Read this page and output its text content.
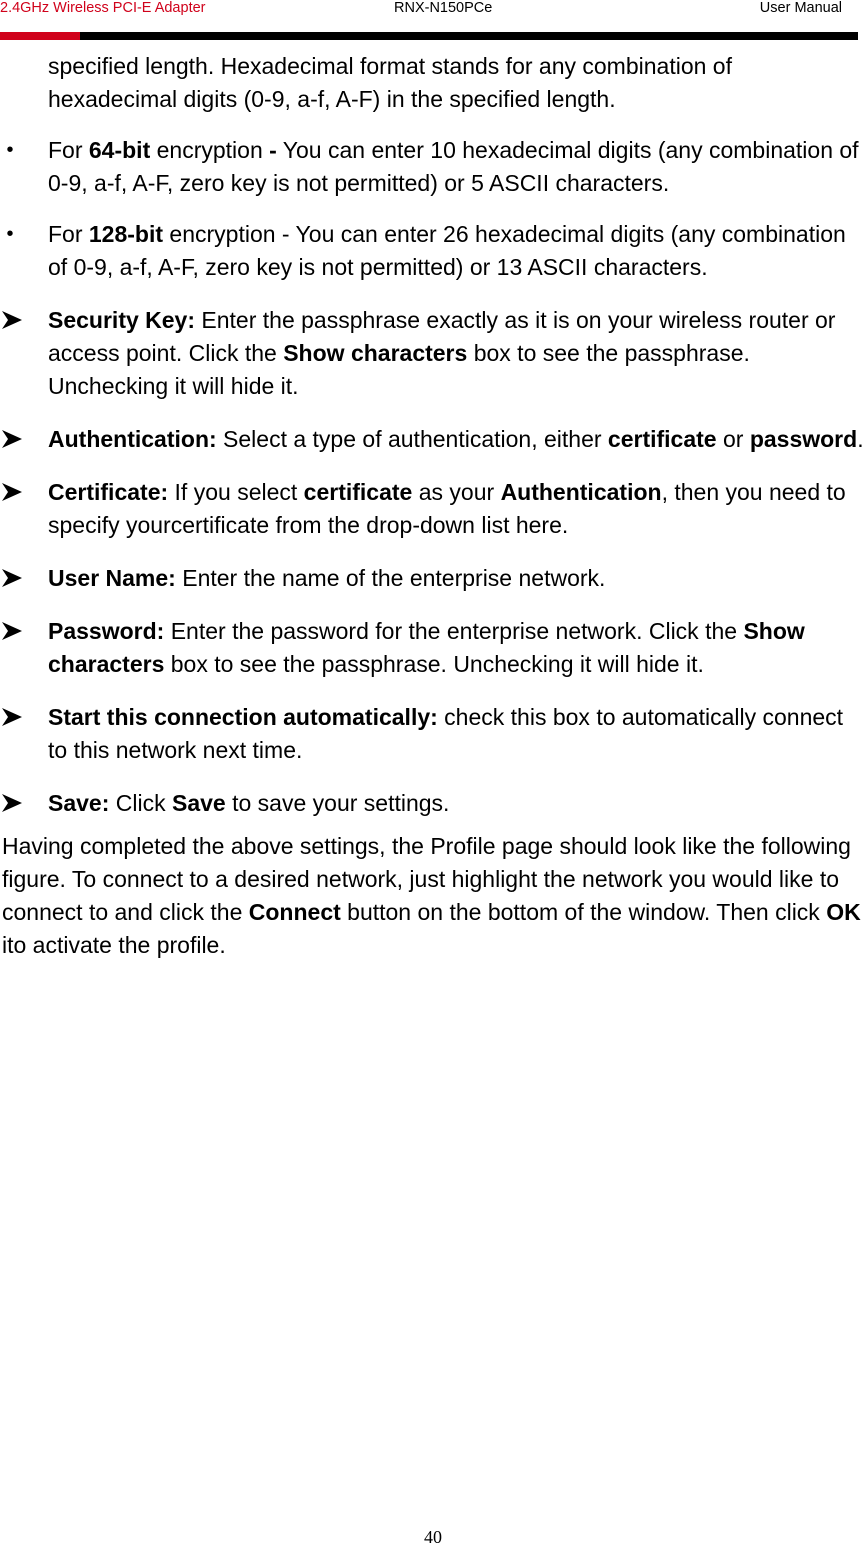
2.4GHz Wireless PCI-E Adapter	RNX-N150PCe	User Manual

specified length. Hexadecimal format stands for any combination of hexadecimal digits (0-9, a-f, A-F) in the specified length.

• For 64-bit encryption - You can enter 10 hexadecimal digits (any combination of 0-9, a-f, A-F, zero key is not permitted) or 5 ASCII characters.
• For 128-bit encryption - You can enter 26 hexadecimal digits (any combination of 0-9, a-f, A-F, zero key is not permitted) or 13 ASCII characters.
Security Key: Enter the passphrase exactly as it is on your wireless router or access point. Click the Show characters box to see the passphrase. Unchecking it will hide it.
Authentication: Select a type of authentication, either certificate or password.
Certificate: If you select certificate as your Authentication, then you need to specify yourcertificate from the drop-down list here.
User Name: Enter the name of the enterprise network.
Password: Enter the password for the enterprise network. Click the Show characters box to see the passphrase. Unchecking it will hide it.
Start this connection automatically: check this box to automatically connect to this network next time.
Save: Click Save to save your settings.

Having completed the above settings, the Profile page should look like the following figure. To connect to a desired network, just highlight the network you would like to connect to and click the Connect button on the bottom of the window. Then click OK ito activate the profile.

40
